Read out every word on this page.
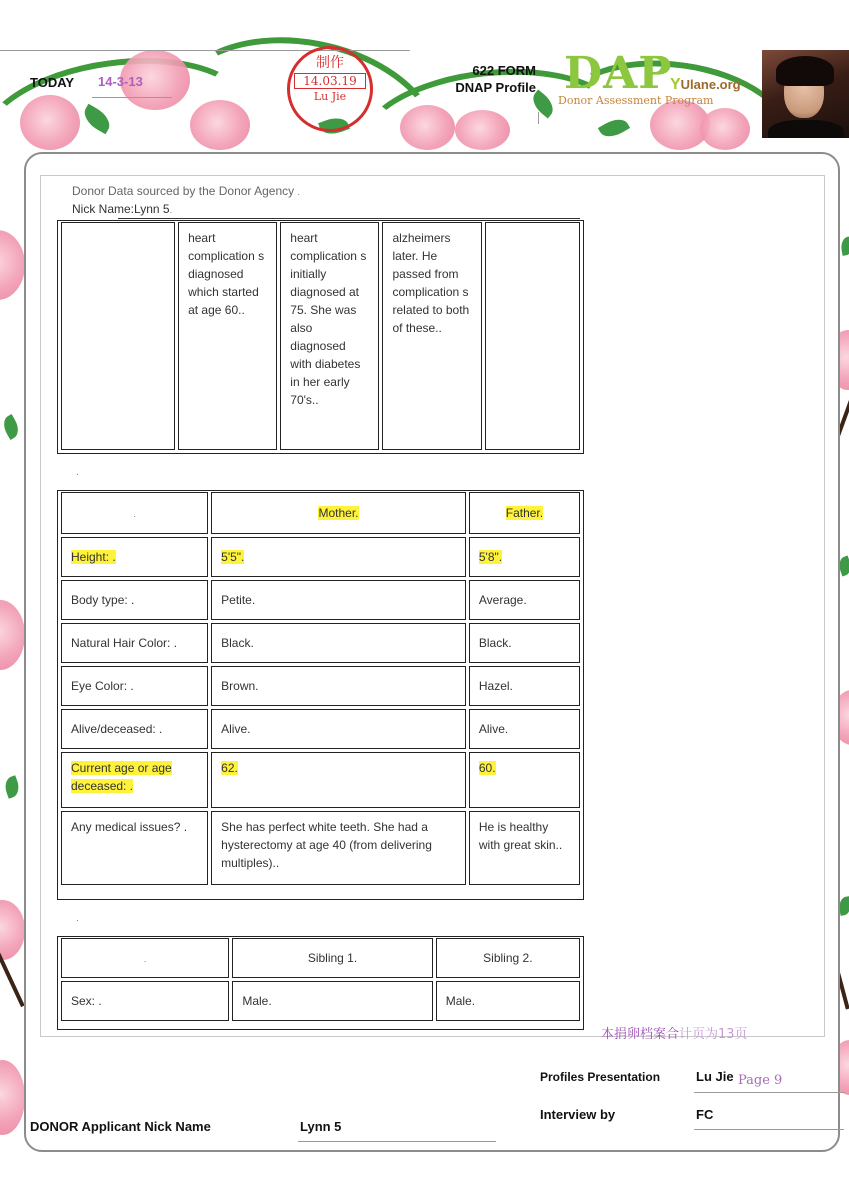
TODAY 14-3-13
制作
14.03.19
Lu Jie
622 FORM
DNAP Profile DAP
YUlane.org
Donor Assessment Program
Donor Data sourced by the Donor Agency .
Nick Name:Lynn 5.
	heart complication s diagnosed which started at age 60..	heart complication s initially diagnosed at 75. She was also diagnosed with diabetes in her early 70's..	alzheimers later. He passed from complication s related to both of these..	
.
.	Mother.	Father.
Height: .	5'5".	5'8".
Body type: .	Petite.	Average.
Natural Hair Color: .	Black.	Black.
Eye Color: .	Brown.	Hazel.
Alive/deceased: .	Alive.	Alive.
Current age or age deceased: .	62.	60.
Any medical issues? .	She has perfect white teeth. She had a hysterectomy at age 40 (from delivering multiples)..	He is healthy with great skin..
.
.	Sibling 1.	Sibling 2.
Sex: .	Male.	Male.
本捐卵档案合计页为13页
Profiles Presentation	Lu Jie Page 9
Interview by	FC
DONOR Applicant Nick Name	Lynn 5
